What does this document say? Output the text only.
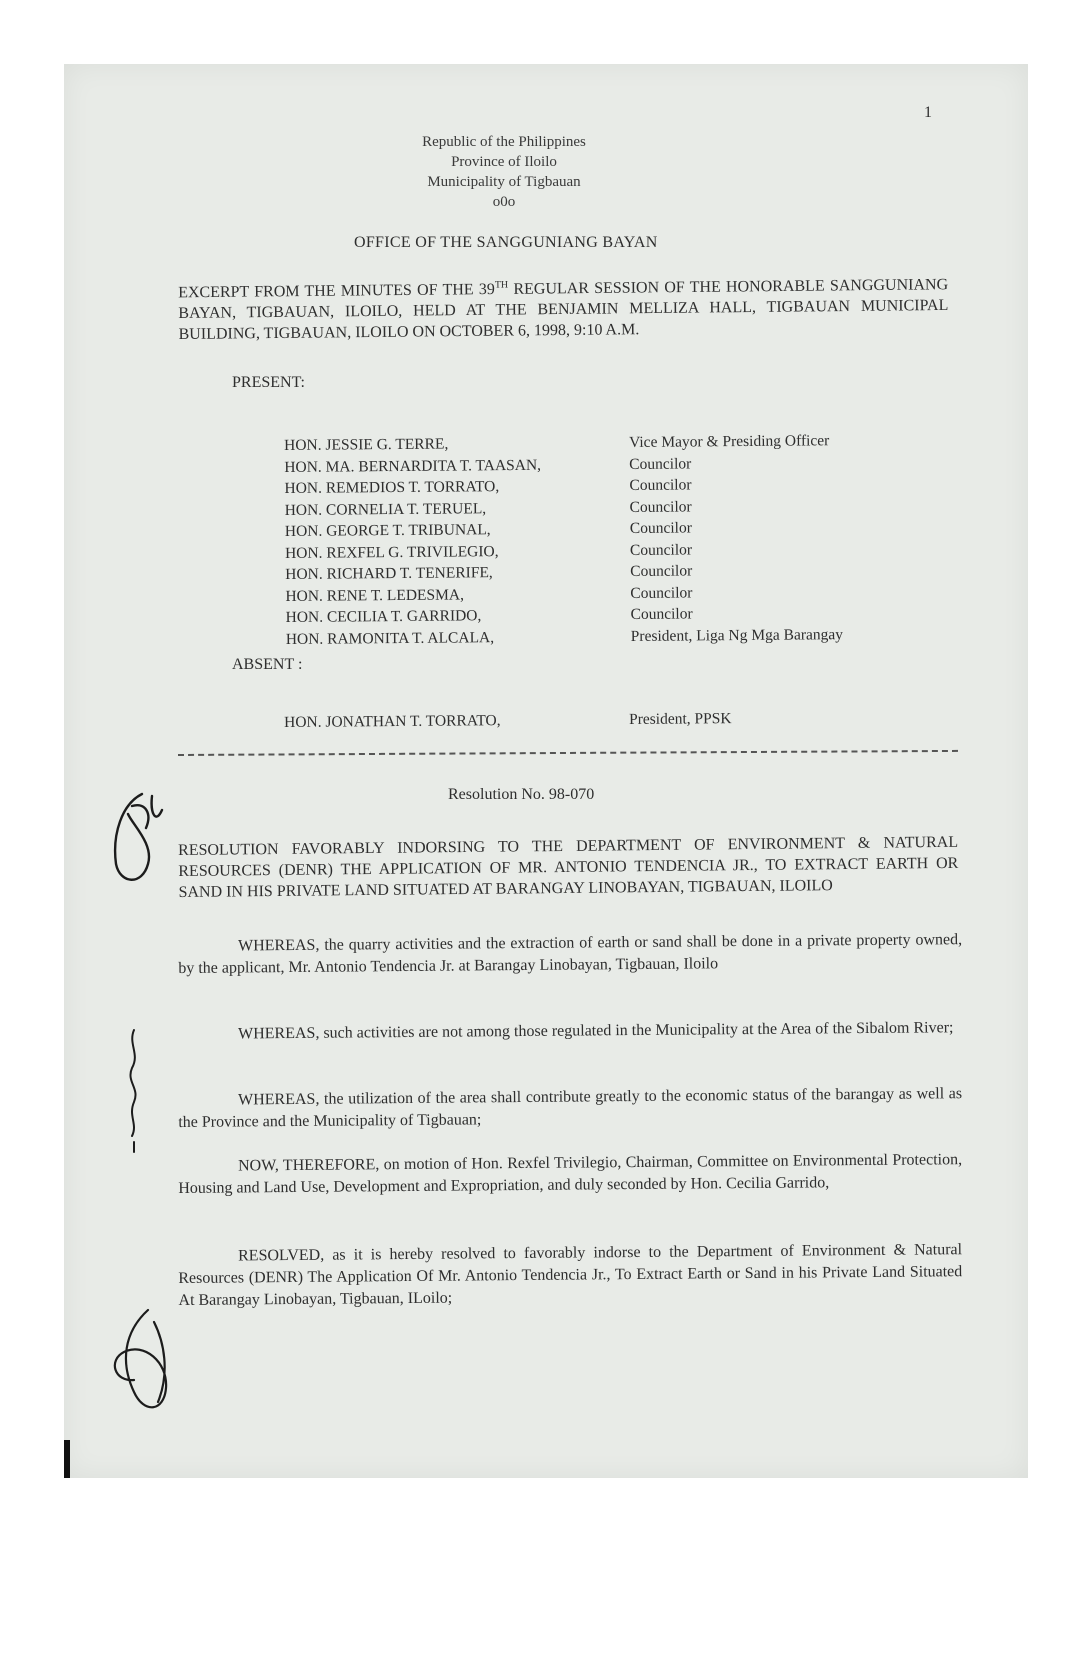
1
Republic of the Philippines
Province of Iloilo
Municipality of Tigbauan
o0o
OFFICE OF THE SANGGUNIANG BAYAN
EXCERPT FROM THE MINUTES OF THE 39TH REGULAR SESSION OF THE HONORABLE SANGGUNIANG BAYAN, TIGBAUAN, ILOILO, HELD AT THE BENJAMIN MELLIZA HALL, TIGBAUAN MUNICIPAL BUILDING, TIGBAUAN, ILOILO ON OCTOBER 6, 1998, 9:10 A.M.
PRESENT:
HON. JESSIE G. TERRE,	Vice Mayor & Presiding Officer
HON. MA. BERNARDITA T. TAASAN,	Councilor
HON. REMEDIOS T. TORRATO,	Councilor
HON. CORNELIA T. TERUEL,	Councilor
HON. GEORGE T. TRIBUNAL,	Councilor
HON. REXFEL G. TRIVILEGIO,	Councilor
HON. RICHARD T. TENERIFE,	Councilor
HON. RENE T. LEDESMA,	Councilor
HON. CECILIA T. GARRIDO,	Councilor
HON. RAMONITA T. ALCALA,	President, Liga Ng Mga Barangay
ABSENT :
HON. JONATHAN T. TORRATO,	President, PPSK
Resolution No. 98-070
RESOLUTION FAVORABLY INDORSING TO THE DEPARTMENT OF ENVIRONMENT & NATURAL RESOURCES (DENR) THE APPLICATION OF MR. ANTONIO TENDENCIA JR., TO EXTRACT EARTH OR SAND IN HIS PRIVATE LAND SITUATED AT BARANGAY LINOBAYAN, TIGBAUAN, ILOILO
WHEREAS, the quarry activities and the extraction of earth or sand shall be done in a private property owned, by the applicant, Mr. Antonio Tendencia Jr. at Barangay Linobayan, Tigbauan, Iloilo
WHEREAS, such activities are not among those regulated in the Municipality at the Area of the Sibalom River;
WHEREAS, the utilization of the area shall contribute greatly to the economic status of the barangay as well as the Province and the Municipality of Tigbauan;
NOW, THEREFORE, on motion of Hon. Rexfel Trivilegio, Chairman, Committee on Environmental Protection, Housing and Land Use, Development and Expropriation, and duly seconded by Hon. Cecilia Garrido,
RESOLVED, as it is hereby resolved to favorably indorse to the Department of Environment & Natural Resources (DENR) The Application Of Mr. Antonio Tendencia Jr., To Extract Earth or Sand in his Private Land Situated At Barangay Linobayan, Tigbauan, ILoilo;
